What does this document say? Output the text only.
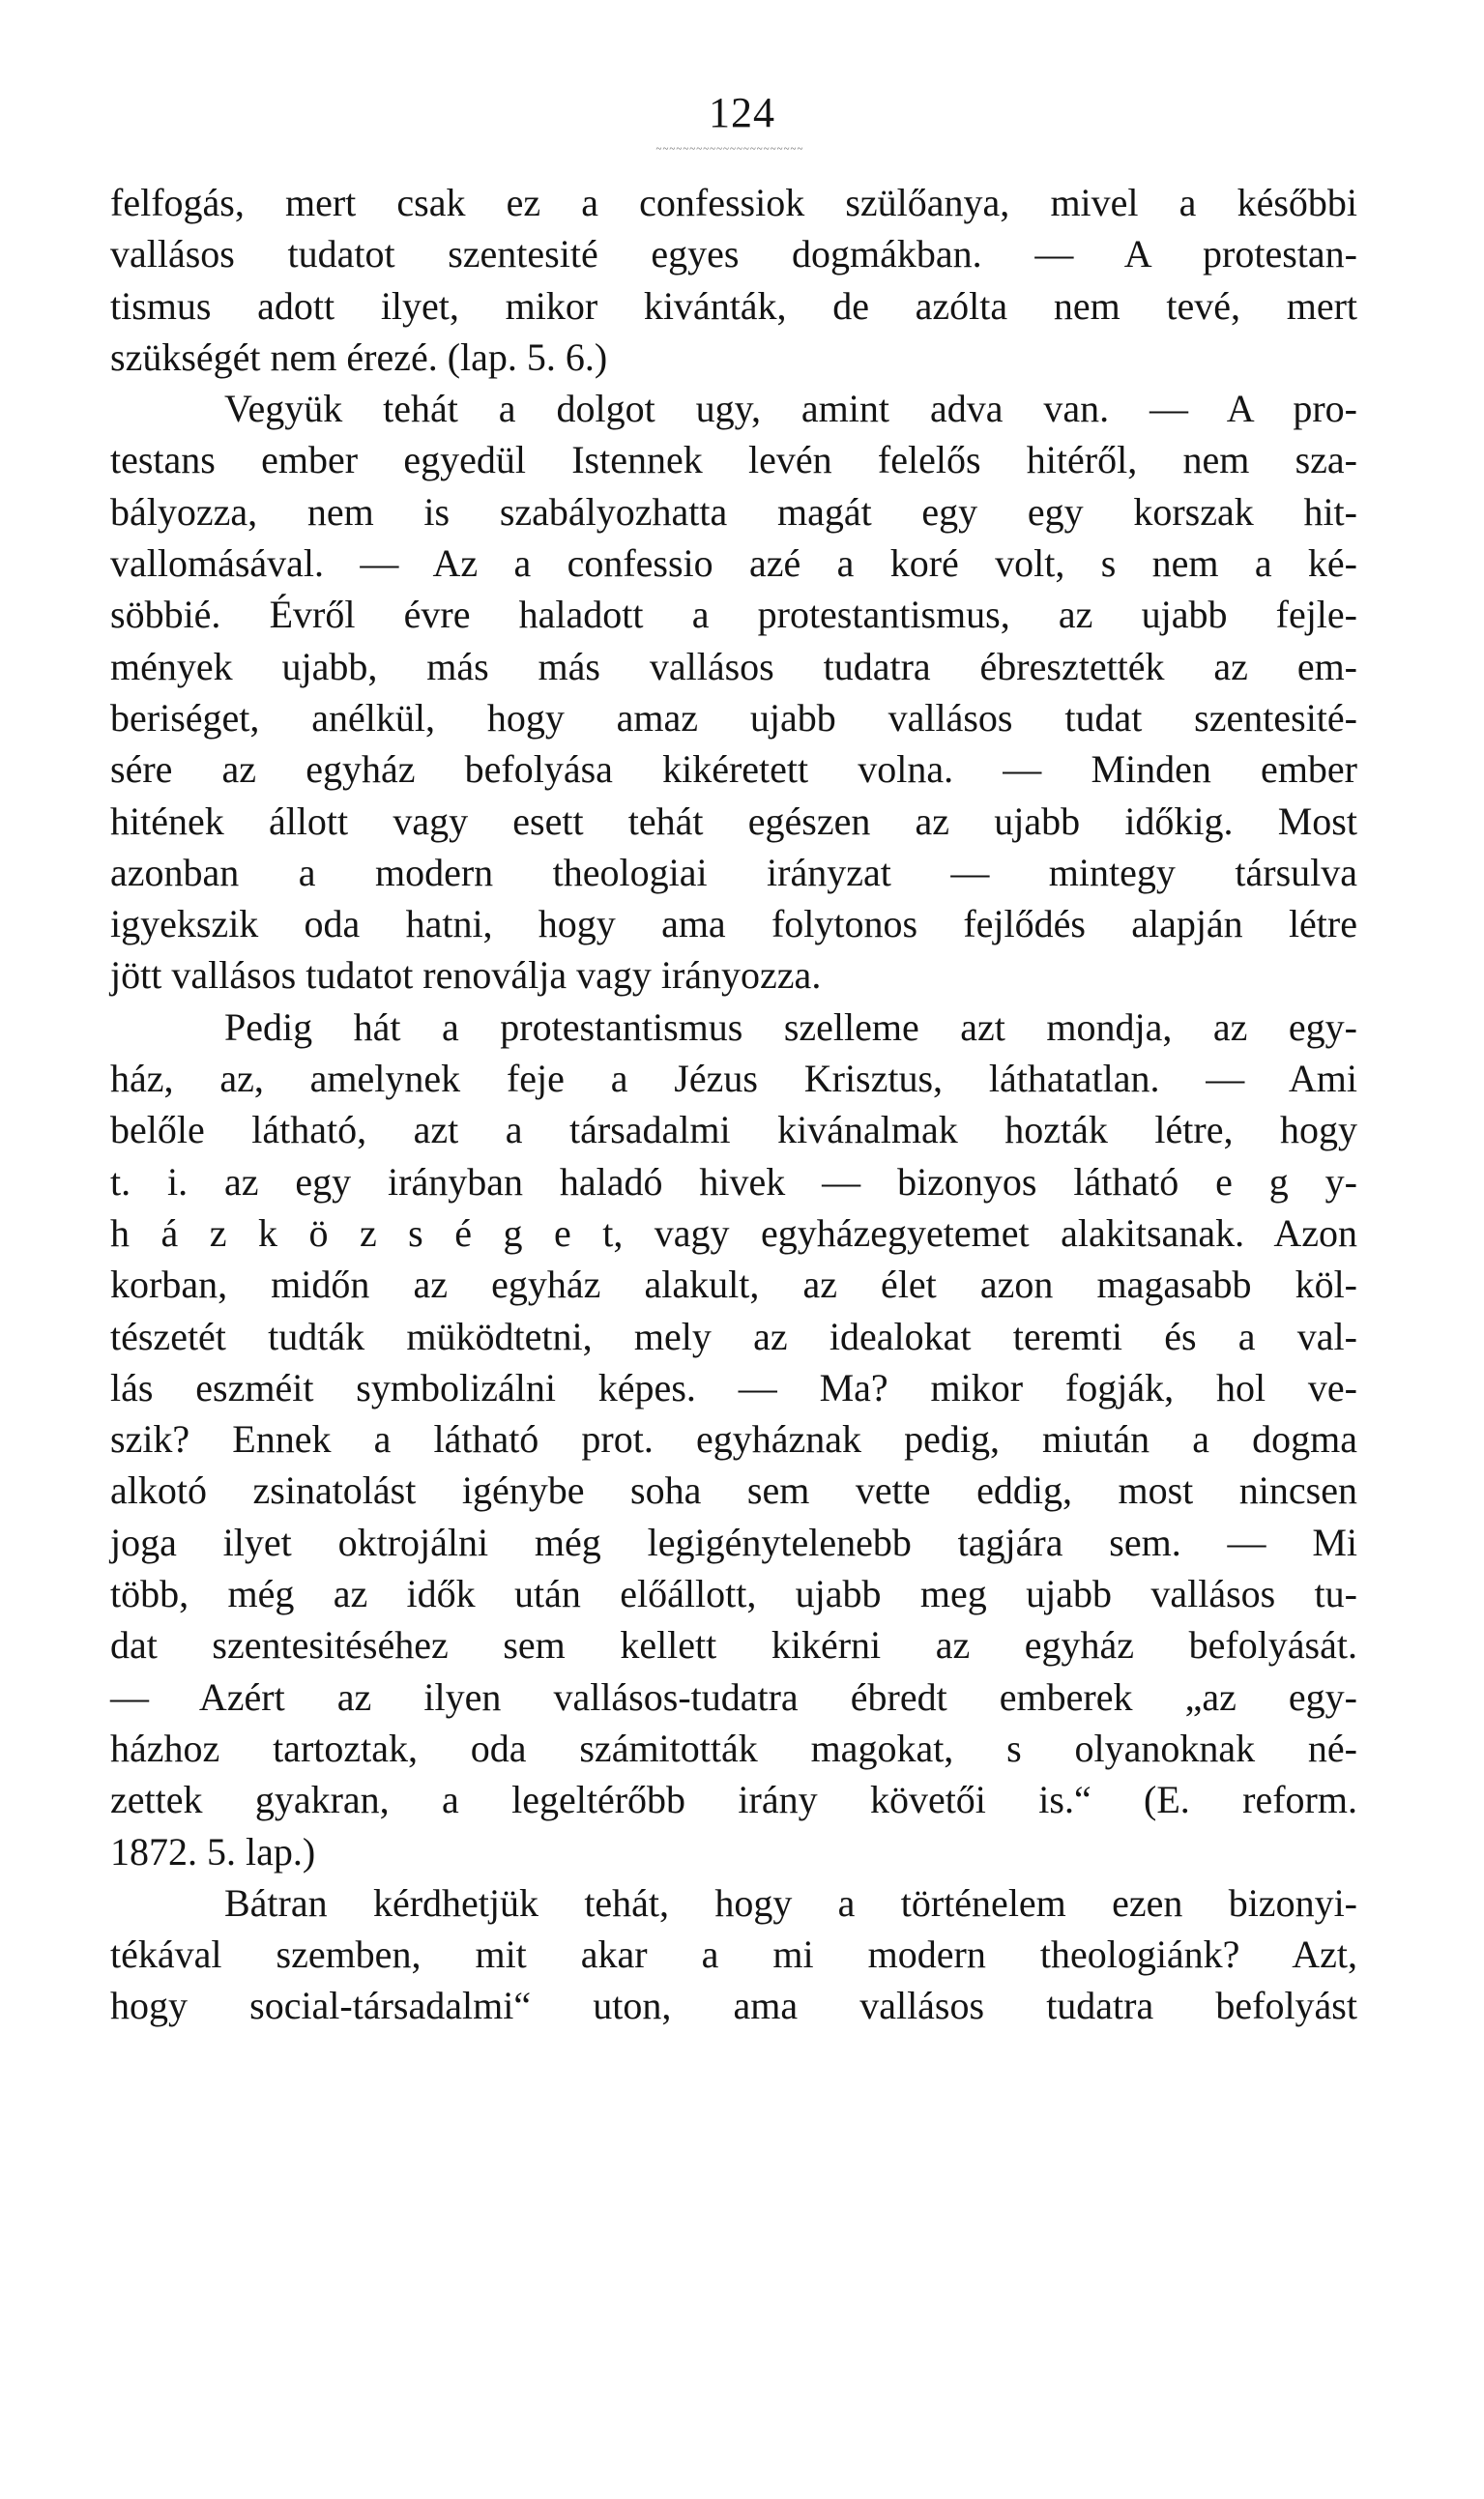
124
~~~~~~~~~~~~~~~~~~~~~~
felfogás, mert csak ez a confessiok szülőanya, mivel a későbbi
vallásos tudatot szentesité egyes dogmákban. — A protestan-
tismus adott ilyet, mikor kivánták, de azólta nem tevé, mert
szükségét nem érezé. (lap. 5. 6.)
Vegyük tehát a dolgot ugy, amint adva van. — A pro-
testans ember egyedül Istennek levén felelős hitéről, nem sza-
bályozza, nem is szabályozhatta magát egy egy korszak hit-
vallomásával. — Az a confessio azé a koré volt, s nem a ké-
söbbié. Évről évre haladott a protestantismus, az ujabb fejle-
mények ujabb, más más vallásos tudatra ébresztették az em-
beriséget, anélkül, hogy amaz ujabb vallásos tudat szentesité-
sére az egyház befolyása kikéretett volna. — Minden ember
hitének állott vagy esett tehát egészen az ujabb időkig. Most
azonban a modern theologiai irányzat — mintegy társulva
igyekszik oda hatni, hogy ama folytonos fejlődés alapján létre
jött vallásos tudatot renoválja vagy irányozza.
Pedig hát a protestantismus szelleme azt mondja, az egy-
ház, az, amelynek feje a Jézus Krisztus, láthatatlan. — Ami
belőle látható, azt a társadalmi kivánalmak hozták létre, hogy
t. i. az egy irányban haladó hivek — bizonyos látható e g y-
h á z k ö z s é g e t, vagy egyházegyetemet alakitsanak. Azon
korban, midőn az egyház alakult, az élet azon magasabb köl-
tészetét tudták müködtetni, mely az idealokat teremti és a val-
lás eszméit symbolizálni képes. — Ma? mikor fogják, hol ve-
szik? Ennek a látható prot. egyháznak pedig, miután a dogma
alkotó zsinatolást igénybe soha sem vette eddig, most nincsen
joga ilyet oktrojálni még legigénytelenebb tagjára sem. — Mi
több, még az idők után előállott, ujabb meg ujabb vallásos tu-
dat szentesitéséhez sem kellett kikérni az egyház befolyását.
— Azért az ilyen vallásos-tudatra ébredt emberek „az egy-
házhoz tartoztak, oda számitották magokat, s olyanoknak né-
zettek gyakran, a legeltérőbb irány követői is.“ (E. reform.
1872. 5. lap.)
Bátran kérdhetjük tehát, hogy a történelem ezen bizonyi-
tékával szemben, mit akar a mi modern theologiánk? Azt,
hogy social-társadalmi“ uton, ama vallásos tudatra befolyást
